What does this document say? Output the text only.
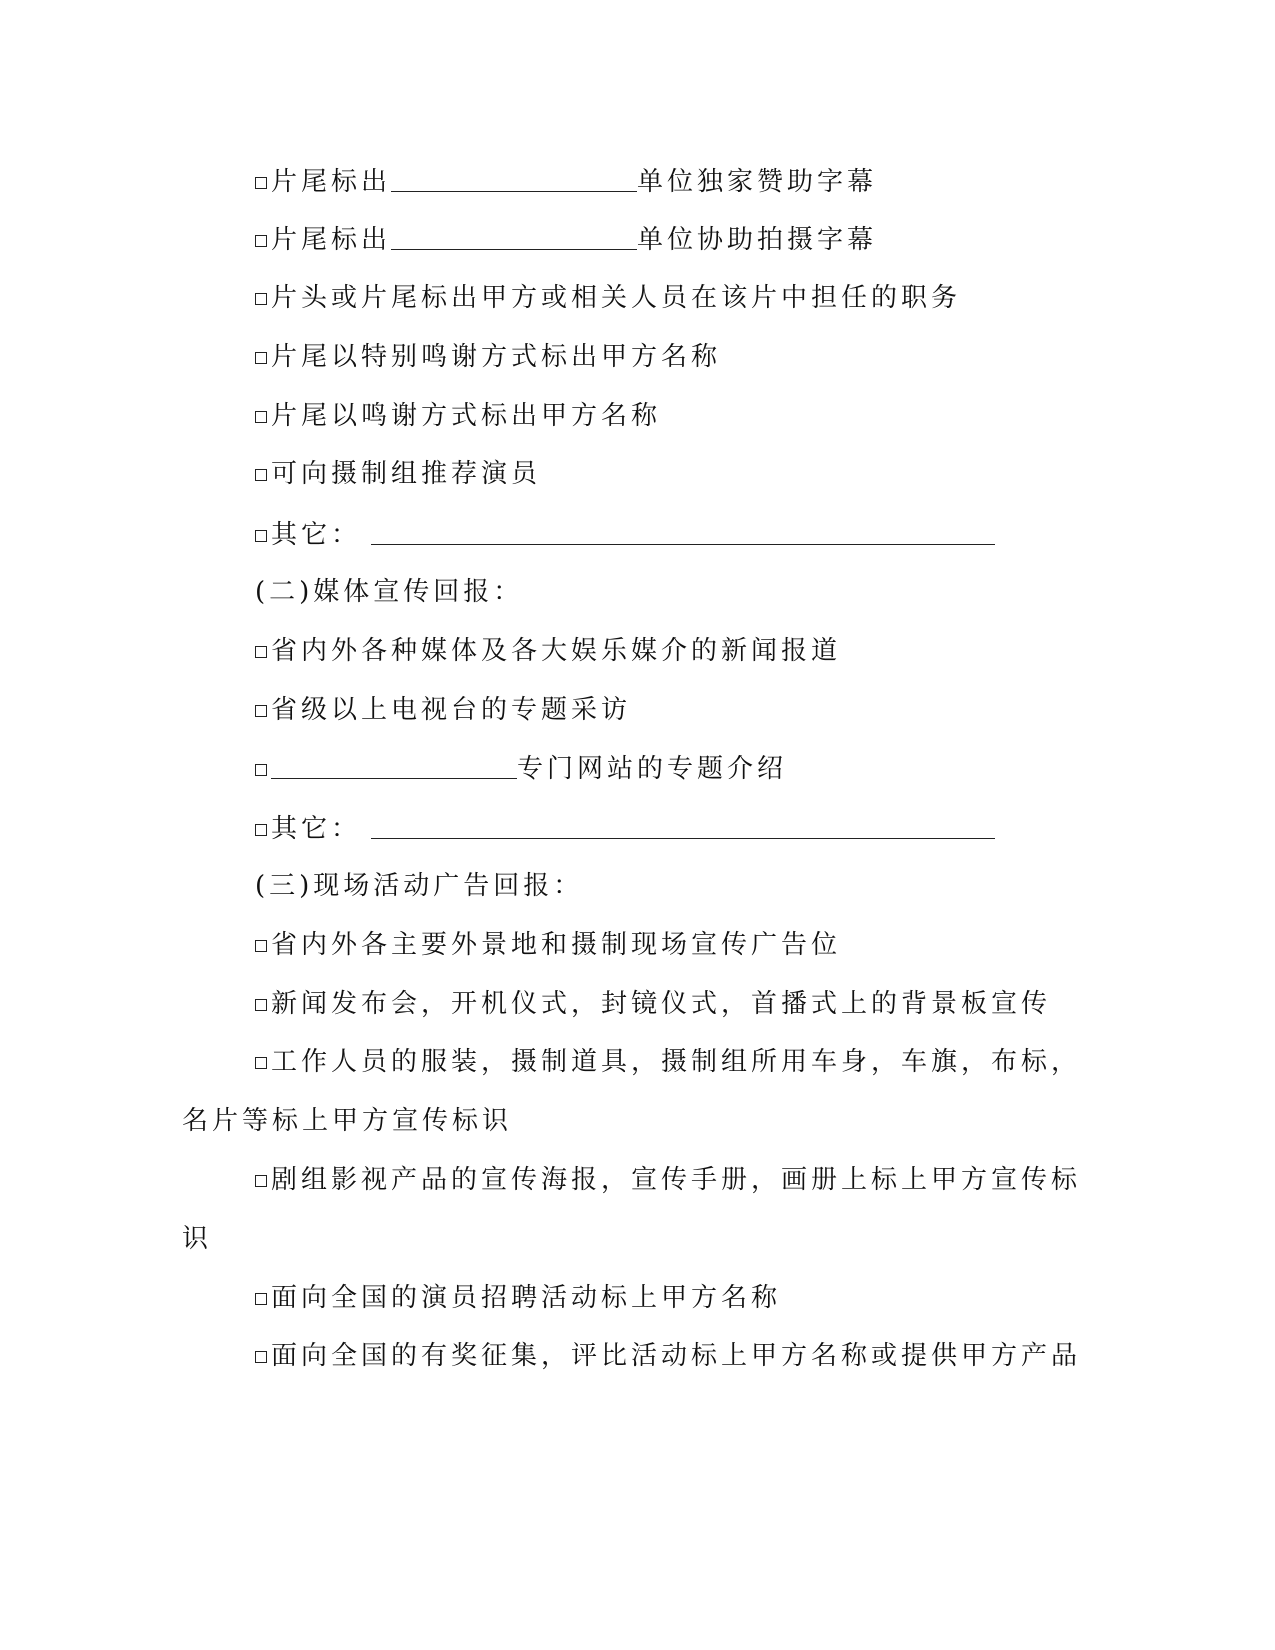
片尾标出	单位独家赞助字幕
片尾标出	单位协助拍摄字幕
片头或片尾标出甲方或相关人员在该片中担任的职务
片尾以特别鸣谢方式标出甲方名称
片尾以鸣谢方式标出甲方名称
可向摄制组推荐演员
其它：
(二)媒体宣传回报：
省内外各种媒体及各大娱乐媒介的新闻报道
省级以上电视台的专题采访
专门网站的专题介绍
其它：
(三)现场活动广告回报：
省内外各主要外景地和摄制现场宣传广告位
新闻发布会，开机仪式，封镜仪式，首播式上的背景板宣传
工作人员的服装，摄制道具，摄制组所用车身，车旗，布标，
名片等标上甲方宣传标识
剧组影视产品的宣传海报，宣传手册，画册上标上甲方宣传标
识
面向全国的演员招聘活动标上甲方名称
面向全国的有奖征集，评比活动标上甲方名称或提供甲方产品
